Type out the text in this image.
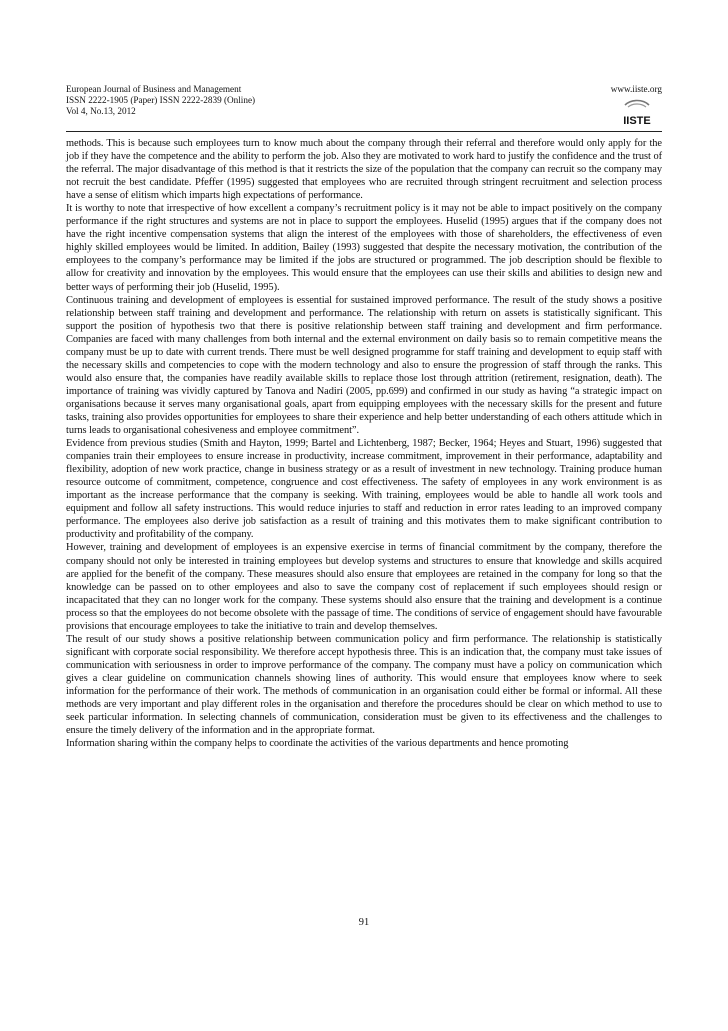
European Journal of Business and Management
ISSN 2222-1905 (Paper) ISSN 2222-2839 (Online)
Vol 4, No.13, 2012
www.iiste.org
IISTE

methods. This is because such employees turn to know much about the company through their referral and therefore would only apply for the job if they have the competence and the ability to perform the job. Also they are motivated to work hard to justify the confidence and the trust of the referral. The major disadvantage of this method is that it restricts the size of the population that the company can recruit so the company may not recruit the best candidate. Pfeffer (1995) suggested that employees who are recruited through stringent recruitment and selection process have a sense of elitism which imparts high expectations of performance.

It is worthy to note that irrespective of how excellent a company’s recruitment policy is it may not be able to impact positively on the company performance if the right structures and systems are not in place to support the employees. Huselid (1995) argues that if the company does not have the right incentive compensation systems that align the interest of the employees with those of shareholders, the effectiveness of even highly skilled employees would be limited. In addition, Bailey (1993) suggested that despite the necessary motivation, the contribution of the employees to the company’s performance may be limited if the jobs are structured or programmed. The job description should be flexible to allow for creativity and innovation by the employees. This would ensure that the employees can use their skills and abilities to design new and better ways of performing their job (Huselid, 1995).

Continuous training and development of employees is essential for sustained improved performance. The result of the study shows a positive relationship between staff training and development and performance. The relationship with return on assets is statistically significant. This support the position of hypothesis two that there is positive relationship between staff training and development and firm performance. Companies are faced with many challenges from both internal and the external environment on daily basis so to remain competitive means the company must be up to date with current trends. There must be well designed programme for staff training and development to equip staff with the necessary skills and competencies to cope with the modern technology and also to ensure the progression of staff through the ranks. This would also ensure that, the companies have readily available skills to replace those lost through attrition (retirement, resignation, death). The importance of training was vividly captured by Tanova and Nadiri (2005, pp.699) and confirmed in our study as having “a strategic impact on organisations because it serves many organisational goals, apart from equipping employees with the necessary skills for the present and future tasks, training also provides opportunities for employees to share their experience and help better understanding of each others attitude which in turns leads to organisational cohesiveness and employee commitment”.

Evidence from previous studies (Smith and Hayton, 1999; Bartel and Lichtenberg, 1987; Becker, 1964; Heyes and Stuart, 1996) suggested that companies train their employees to ensure increase in productivity, increase commitment, improvement in their performance, adaptability and flexibility, adoption of new work practice, change in business strategy or as a result of investment in new technology. Training produce human resource outcome of commitment, competence, congruence and cost effectiveness. The safety of employees in any work environment is as important as the increase performance that the company is seeking. With training, employees would be able to handle all work tools and equipment and follow all safety instructions. This would reduce injuries to staff and reduction in error rates leading to an improved company performance. The employees also derive job satisfaction as a result of training and this motivates them to make significant contribution to productivity and profitability of the company.

However, training and development of employees is an expensive exercise in terms of financial commitment by the company, therefore the company should not only be interested in training employees but develop systems and structures to ensure that knowledge and skills acquired are applied for the benefit of the company. These measures should also ensure that employees are retained in the company for long so that the knowledge can be passed on to other employees and also to save the company cost of replacement if such employees should resign or incapacitated that they can no longer work for the company. These systems should also ensure that the training and development is a continue process so that the employees do not become obsolete with the passage of time. The conditions of service of engagement should have favourable provisions that encourage employees to take the initiative to train and develop themselves.

The result of our study shows a positive relationship between communication policy and firm performance. The relationship is statistically significant with corporate social responsibility. We therefore accept hypothesis three. This is an indication that, the company must take issues of communication with seriousness in order to improve performance of the company. The company must have a policy on communication which gives a clear guideline on communication channels showing lines of authority. This would ensure that employees know where to seek information for the performance of their work. The methods of communication in an organisation could either be formal or informal. All these methods are very important and play different roles in the organisation and therefore the procedures should be clear on which method to use to seek particular information. In selecting channels of communication, consideration must be given to its effectiveness and the challenges to ensure the timely delivery of the information and in the appropriate format.

Information sharing within the company helps to coordinate the activities of the various departments and hence promoting

91
